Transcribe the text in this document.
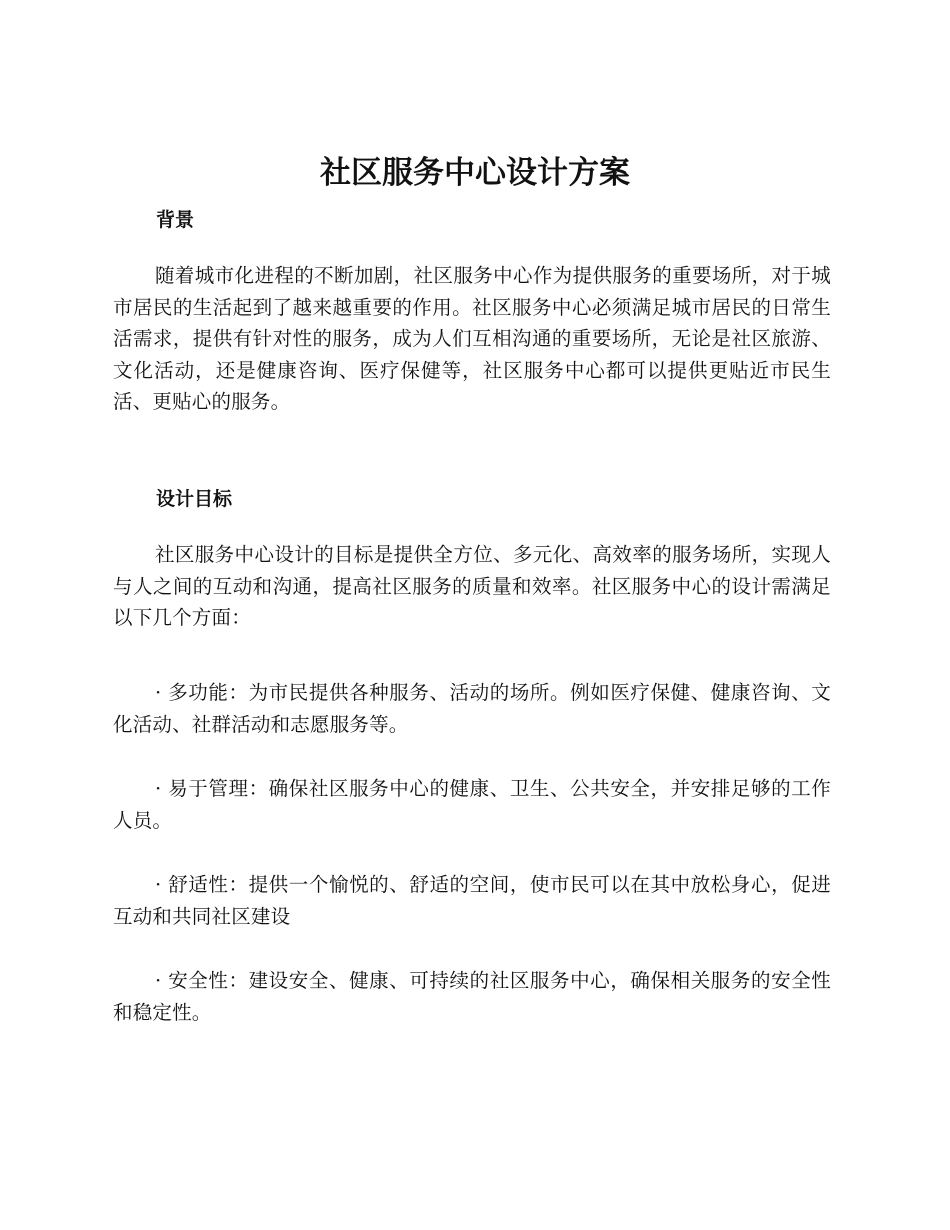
社区服务中心设计方案
背景

随着城市化进程的不断加剧，社区服务中心作为提供服务的重要场所，对于城市居民的生活起到了越来越重要的作用。社区服务中心必须满足城市居民的日常生活需求，提供有针对性的服务，成为人们互相沟通的重要场所，无论是社区旅游、文化活动，还是健康咨询、医疗保健等，社区服务中心都可以提供更贴近市民生活、更贴心的服务。

设计目标

社区服务中心设计的目标是提供全方位、多元化、高效率的服务场所，实现人与人之间的互动和沟通，提高社区服务的质量和效率。社区服务中心的设计需满足以下几个方面：

· 多功能：为市民提供各种服务、活动的场所。例如医疗保健、健康咨询、文化活动、社群活动和志愿服务等。

· 易于管理：确保社区服务中心的健康、卫生、公共安全，并安排足够的工作人员。

· 舒适性：提供一个愉悦的、舒适的空间，使市民可以在其中放松身心，促进互动和共同社区建设

· 安全性：建设安全、健康、可持续的社区服务中心，确保相关服务的安全性和稳定性。
